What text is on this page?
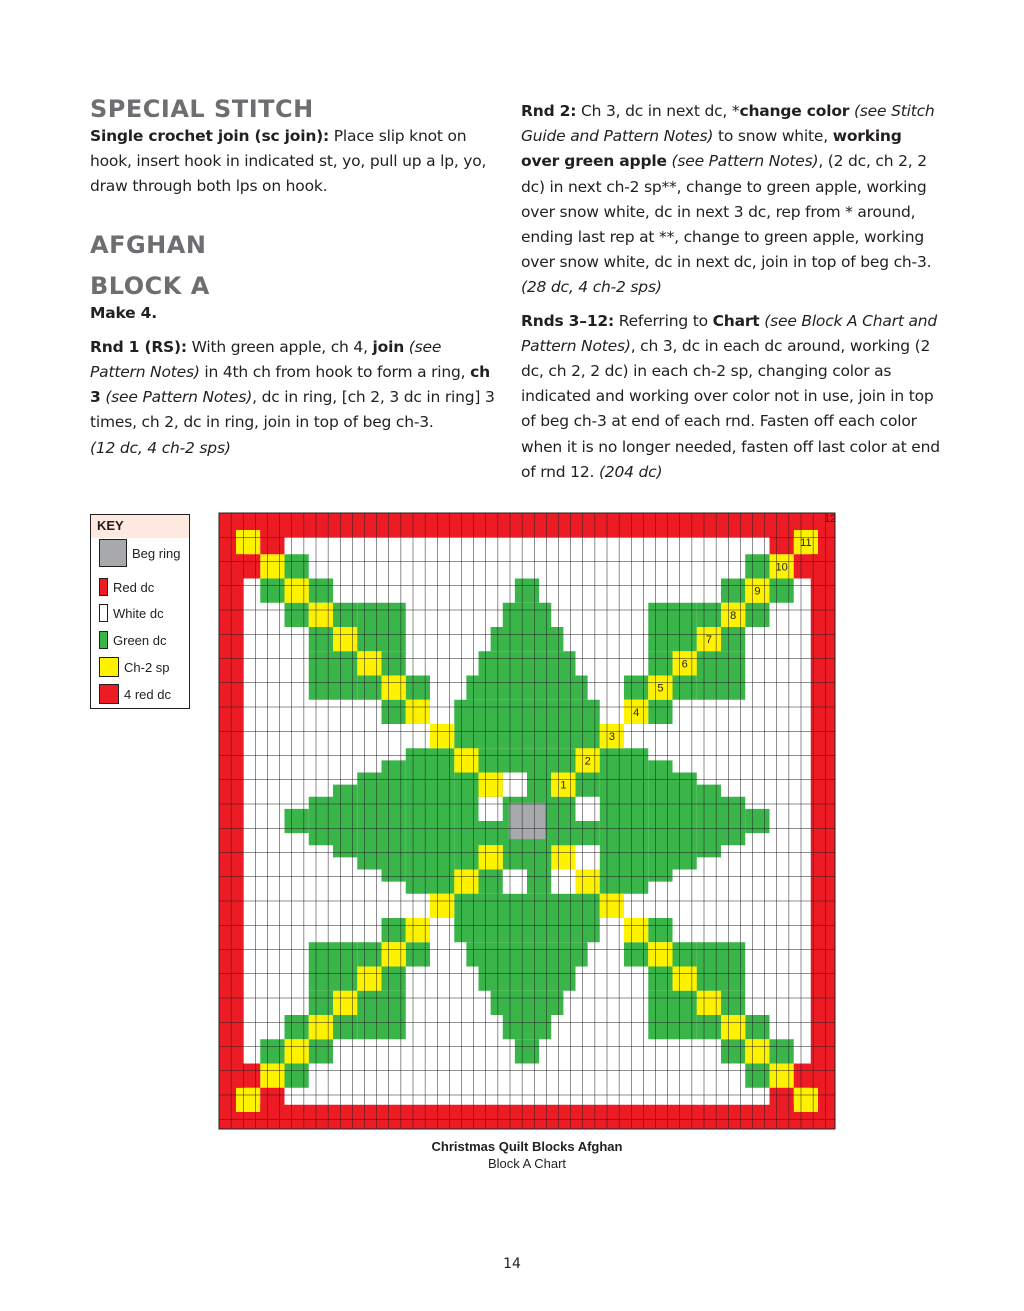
SPECIAL STITCH

Single crochet join (sc join): Place slip knot on hook, insert hook in indicated st, yo, pull up a lp, yo, draw through both lps on hook.

AFGHAN
BLOCK A

Make 4.

Rnd 1 (RS): With green apple, ch 4, join (see Pattern Notes) in 4th ch from hook to form a ring, ch 3 (see Pattern Notes), dc in ring, [ch 2, 3 dc in ring] 3 times, ch 2, dc in ring, join in top of beg ch-3.
(12 dc, 4 ch-2 sps)

Rnd 2: Ch 3, dc in next dc, *change color (see Stitch Guide and Pattern Notes) to snow white, working over green apple (see Pattern Notes), (2 dc, ch 2, 2 dc) in next ch-2 sp**, change to green apple, working over snow white, dc in next 3 dc, rep from * around, ending last rep at **, change to green apple, working over snow white, dc in next dc, join in top of beg ch-3. (28 dc, 4 ch-2 sps)

Rnds 3–12: Referring to Chart (see Block A Chart and Pattern Notes), ch 3, dc in each dc around, working (2 dc, ch 2, 2 dc) in each ch-2 sp, changing color as indicated and working over color not in use, join in top of beg ch-3 at end of each rnd. Fasten off each color when it is no longer needed, fasten off last color at end of rnd 12. (204 dc)

KEY
Beg ring
Red dc
White dc
Green dc
Ch-2 sp
4 red dc
1
2
3
4
5
6
7
8
9
10
11
12
Christmas Quilt Blocks Afghan
Block A Chart
14
